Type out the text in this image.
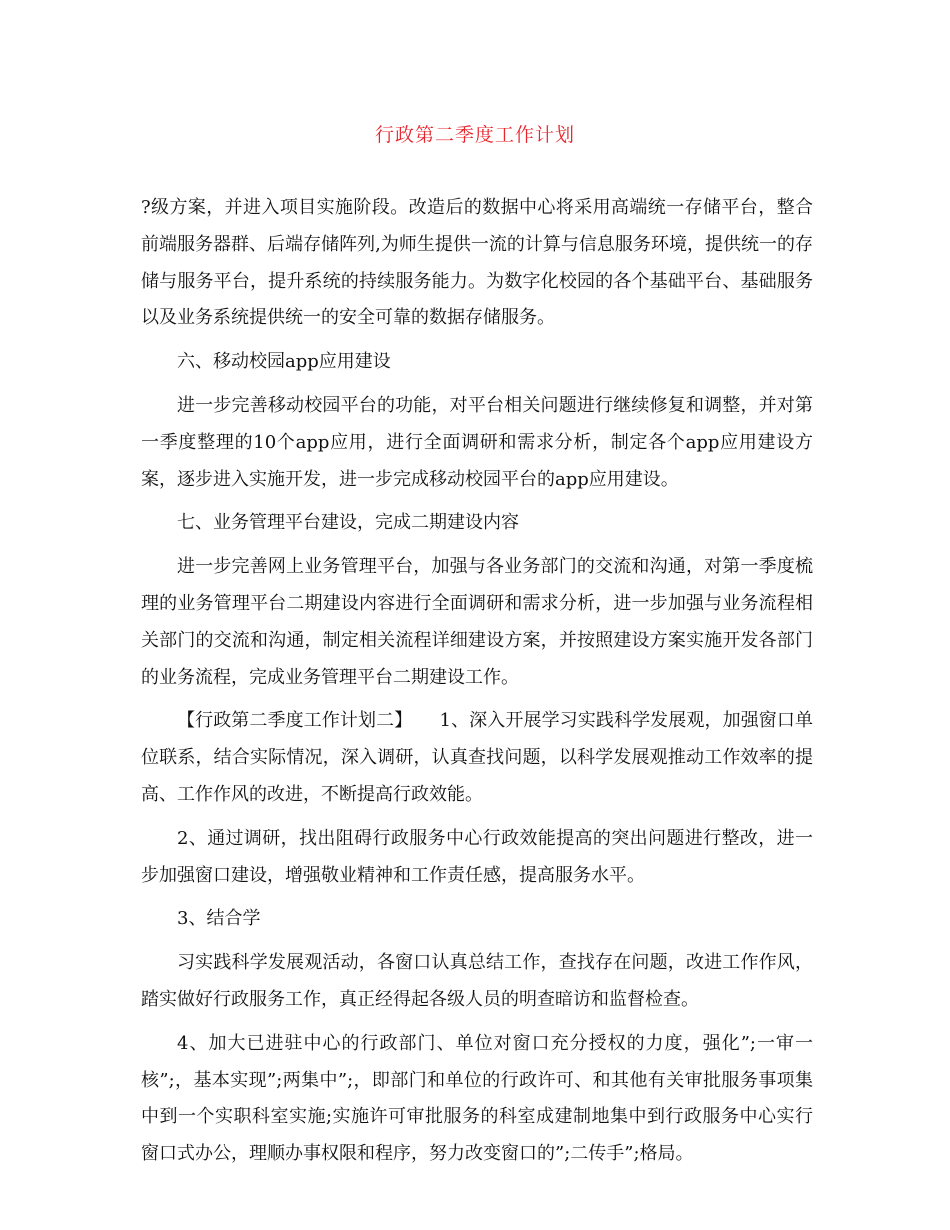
行政第二季度工作计划

?级方案，并进入项目实施阶段。改造后的数据中心将采用高端统一存储平台，整合前端服务器群、后端存储阵列,为师生提供一流的计算与信息服务环境，提供统一的存储与服务平台，提升系统的持续服务能力。为数字化校园的各个基础平台、基础服务以及业务系统提供统一的安全可靠的数据存储服务。

六、移动校园app应用建设

进一步完善移动校园平台的功能，对平台相关问题进行继续修复和调整，并对第一季度整理的10个app应用，进行全面调研和需求分析，制定各个app应用建设方案，逐步进入实施开发，进一步完成移动校园平台的app应用建设。

七、业务管理平台建设，完成二期建设内容

进一步完善网上业务管理平台，加强与各业务部门的交流和沟通，对第一季度梳理的业务管理平台二期建设内容进行全面调研和需求分析，进一步加强与业务流程相关部门的交流和沟通，制定相关流程详细建设方案，并按照建设方案实施开发各部门的业务流程，完成业务管理平台二期建设工作。

【行政第二季度工作计划二】　　1、深入开展学习实践科学发展观，加强窗口单位联系，结合实际情况，深入调研，认真查找问题，以科学发展观推动工作效率的提高、工作作风的改进，不断提高行政效能。

2、通过调研，找出阻碍行政服务中心行政效能提高的突出问题进行整改，进一步加强窗口建设，增强敬业精神和工作责任感，提高服务水平。

3、结合学

习实践科学发展观活动，各窗口认真总结工作，查找存在问题，改进工作作风，踏实做好行政服务工作，真正经得起各级人员的明查暗访和监督检查。

4、加大已进驻中心的行政部门、单位对窗口充分授权的力度，强化”;一审一核”;，基本实现”;两集中”;，即部门和单位的行政许可、和其他有关审批服务事项集中到一个实职科室实施;实施许可审批服务的科室成建制地集中到行政服务中心实行窗口式办公，理顺办事权限和程序，努力改变窗口的”;二传手”;格局。
